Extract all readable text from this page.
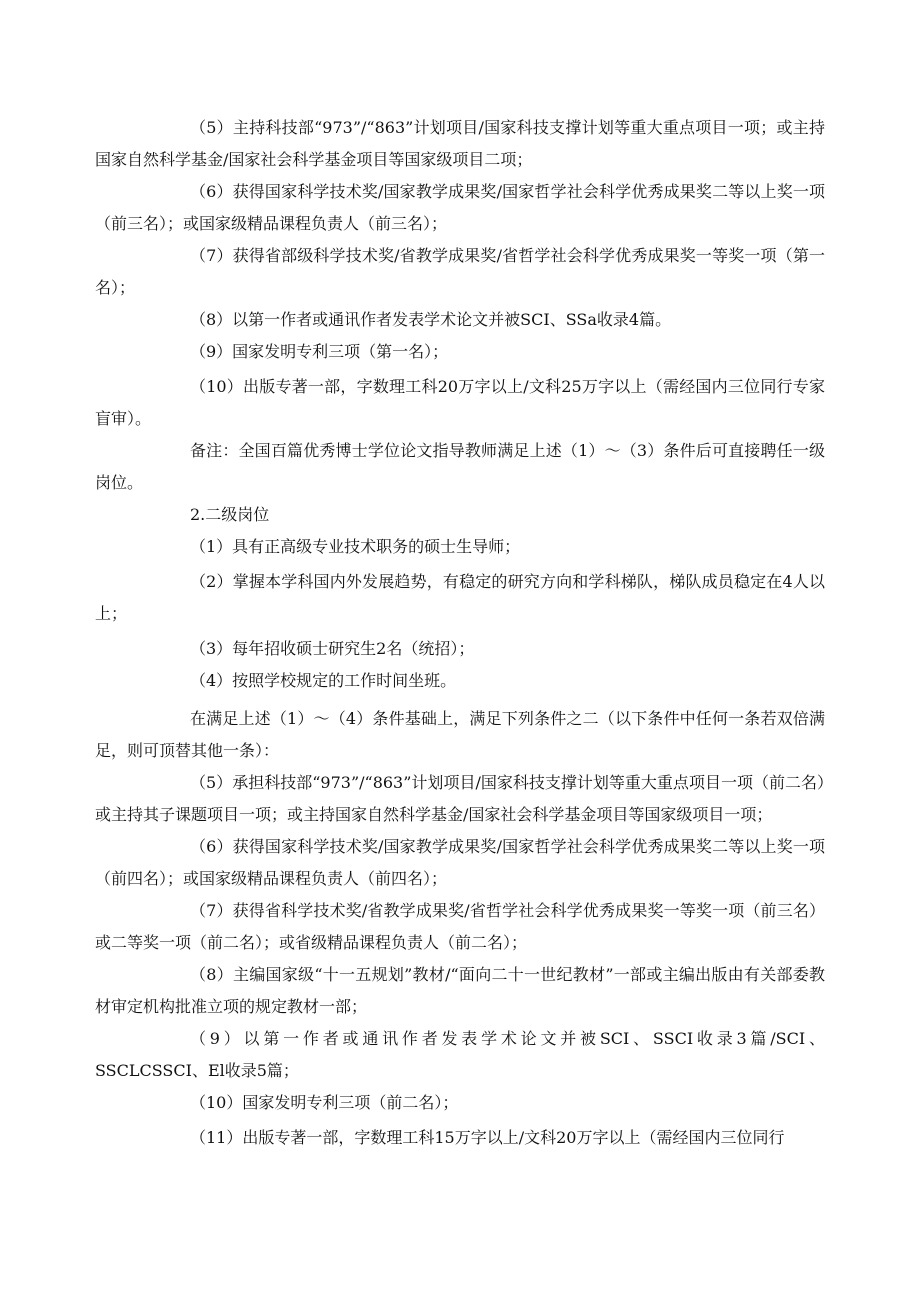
（5）主持科技部“973”/“863”计划项目/国家科技支撑计划等重大重点项目一项；或主持国家自然科学基金/国家社会科学基金项目等国家级项目二项；

（6）获得国家科学技术奖/国家教学成果奖/国家哲学社会科学优秀成果奖二等以上奖一项（前三名）；或国家级精品课程负责人（前三名）；

（7）获得省部级科学技术奖/省教学成果奖/省哲学社会科学优秀成果奖一等奖一项（第一名）；

（8）以第一作者或通讯作者发表学术论文并被SCI、SSa收录4篇。

（9）国家发明专利三项（第一名）；

（10）出版专著一部，字数理工科20万字以上/文科25万字以上（需经国内三位同行专家盲审）。

备注：全国百篇优秀博士学位论文指导教师满足上述（1）～（3）条件后可直接聘任一级岗位。

2.二级岗位

（1）具有正高级专业技术职务的硕士生导师；

（2）掌握本学科国内外发展趋势，有稳定的研究方向和学科梯队，梯队成员稳定在4人以上；

（3）每年招收硕士研究生2名（统招）；

（4）按照学校规定的工作时间坐班。

在满足上述（1）～（4）条件基础上，满足下列条件之二（以下条件中任何一条若双倍满足，则可顶替其他一条）：

（5）承担科技部“973”/“863”计划项目/国家科技支撑计划等重大重点项目一项（前二名）或主持其子课题项目一项；或主持国家自然科学基金/国家社会科学基金项目等国家级项目一项；

（6）获得国家科学技术奖/国家教学成果奖/国家哲学社会科学优秀成果奖二等以上奖一项（前四名）；或国家级精品课程负责人（前四名）；

（7）获得省科学技术奖/省教学成果奖/省哲学社会科学优秀成果奖一等奖一项（前三名）或二等奖一项（前二名）；或省级精品课程负责人（前二名）；

（8）主编国家级“十一五规划”教材/“面向二十一世纪教材”一部或主编出版由有关部委教材审定机构批准立项的规定教材一部；

（9）以第一作者或通讯作者发表学术论文并被SCI、SSCI收录3篇/SCI、SSCLCSSCI、El收录5篇；

（10）国家发明专利三项（前二名）；

（11）出版专著一部，字数理工科15万字以上/文科20万字以上（需经国内三位同行
